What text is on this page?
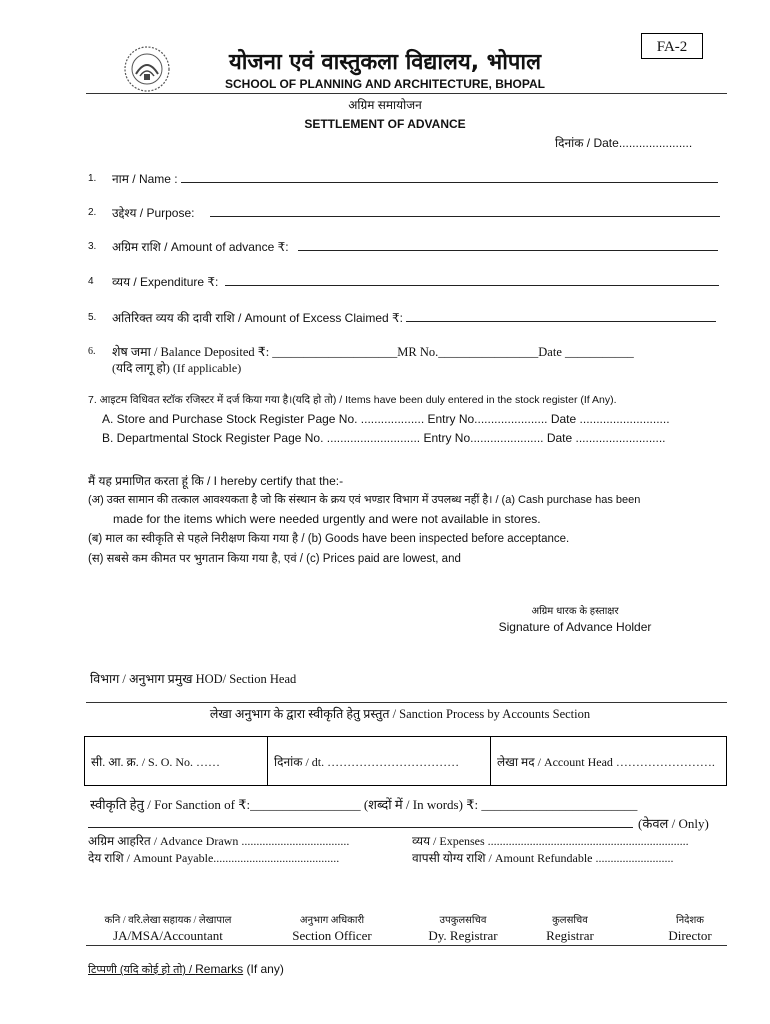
FA-2
योजना एवं वास्तुकला विद्यालय, भोपाल
SCHOOL OF PLANNING AND ARCHITECTURE, BHOPAL
अग्रिम समायोजन
SETTLEMENT OF ADVANCE
दिनांक / Date......................
1. नाम / Name :
2. उद्देश्य / Purpose:
3. अग्रिम राशि / Amount of advance ₹:
4 व्यय / Expenditure ₹:
5. अतिरिक्त व्यय की दावी राशि / Amount of Excess Claimed ₹:
6. शेष जमा / Balance Deposited ₹: ____________________MR No.________________Date ___________
(यदि लागू हो) (If applicable)
7. आइटम विधिवत स्टॉक रजिस्टर में दर्ज किया गया है।(यदि हो तो) / Items have been duly entered in the stock register (If Any).
A. Store and Purchase Stock Register Page No. ................... Entry No...................... Date ...........................
B. Departmental Stock Register Page No. ............................ Entry No...................... Date ...........................
मैं यह प्रमाणित करता हूं कि / I hereby certify that the:-
(अ) उक्त सामान की तत्काल आवश्यकता है जो कि संस्थान के क्रय एवं भण्डार विभाग में उपलब्ध नहीं है। / (a) Cash purchase has been
made for the items which were needed urgently and were not available in stores.
(ब) माल का स्वीकृति से पहले निरीक्षण किया गया है / (b) Goods have been inspected before acceptance.
(स) सबसे कम कीमत पर भुगतान किया गया है, एवं / (c) Prices paid are lowest, and
अग्रिम धारक के हस्ताक्षर
Signature of Advance Holder
विभाग / अनुभाग प्रमुख HOD/ Section Head
लेखा अनुभाग के द्वारा स्वीकृति हेतु प्रस्तुत / Sanction Process by Accounts Section
सी. आ. क्र. / S. O. No. ……	दिनांक / dt. ……………………………	लेखा मद / Account Head …………………….
स्वीकृति हेतु / For Sanction of ₹:_________________ (शब्दों में / In words) ₹: ________________________
(केवल / Only)
अग्रिम आहरित / Advance Drawn ....................................	व्यय / Expenses ...................................................................
देय राशि / Amount Payable..........................................	वापसी योग्य राशि / Amount Refundable ..........................
कनि / वरि.लेखा सहायक / लेखापाल
JA/MSA/Accountant
अनुभाग अधिकारी
Section Officer
उपकुलसचिव
Dy. Registrar
कुलसचिव
Registrar
निदेशक
Director
टिप्पणी (यदि कोई हो तो) / Remarks (If any)
